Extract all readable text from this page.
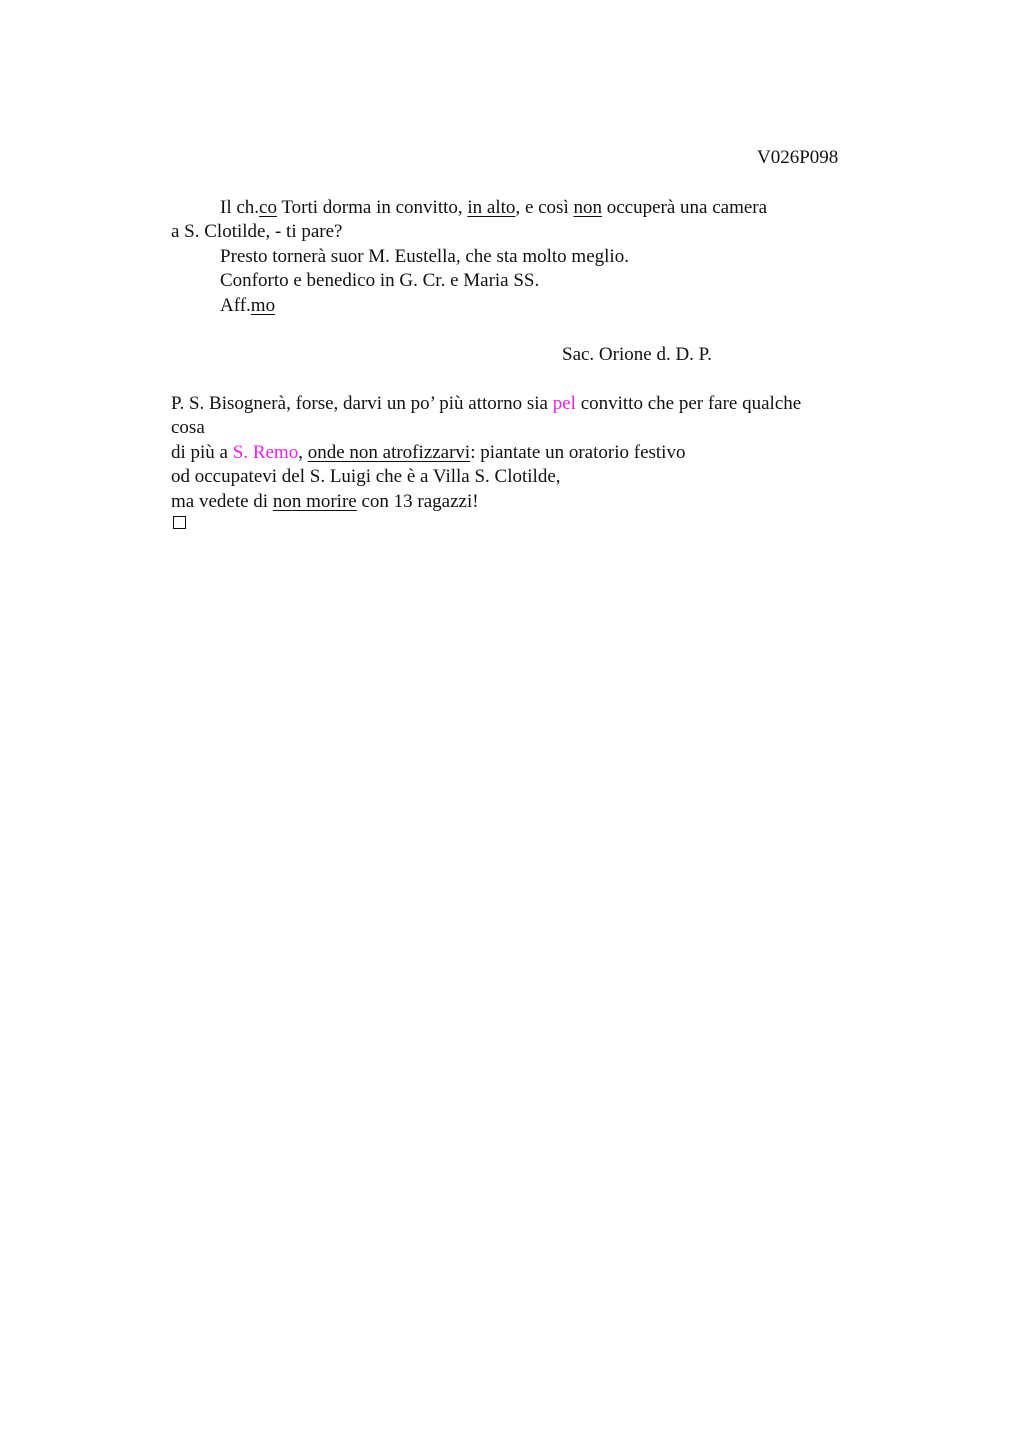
V026P098
Il ch.co Torti dorma in convitto, in alto, e così non occuperà una camera
a S. Clotilde, - ti pare?
Presto tornerà suor M. Eustella, che sta molto meglio.
Conforto e benedico in G. Cr. e Maria SS.
Aff.mo
Sac. Orione d. D. P.
P. S. Bisognerà, forse, darvi un po’ più attorno sia pel convitto che per fare qualche
cosa
di più a S. Remo, onde non atrofizzarvi: piantate un oratorio festivo
od occupatevi del S. Luigi che è a Villa S. Clotilde,
ma vedete di non morire con 13 ragazzi!
